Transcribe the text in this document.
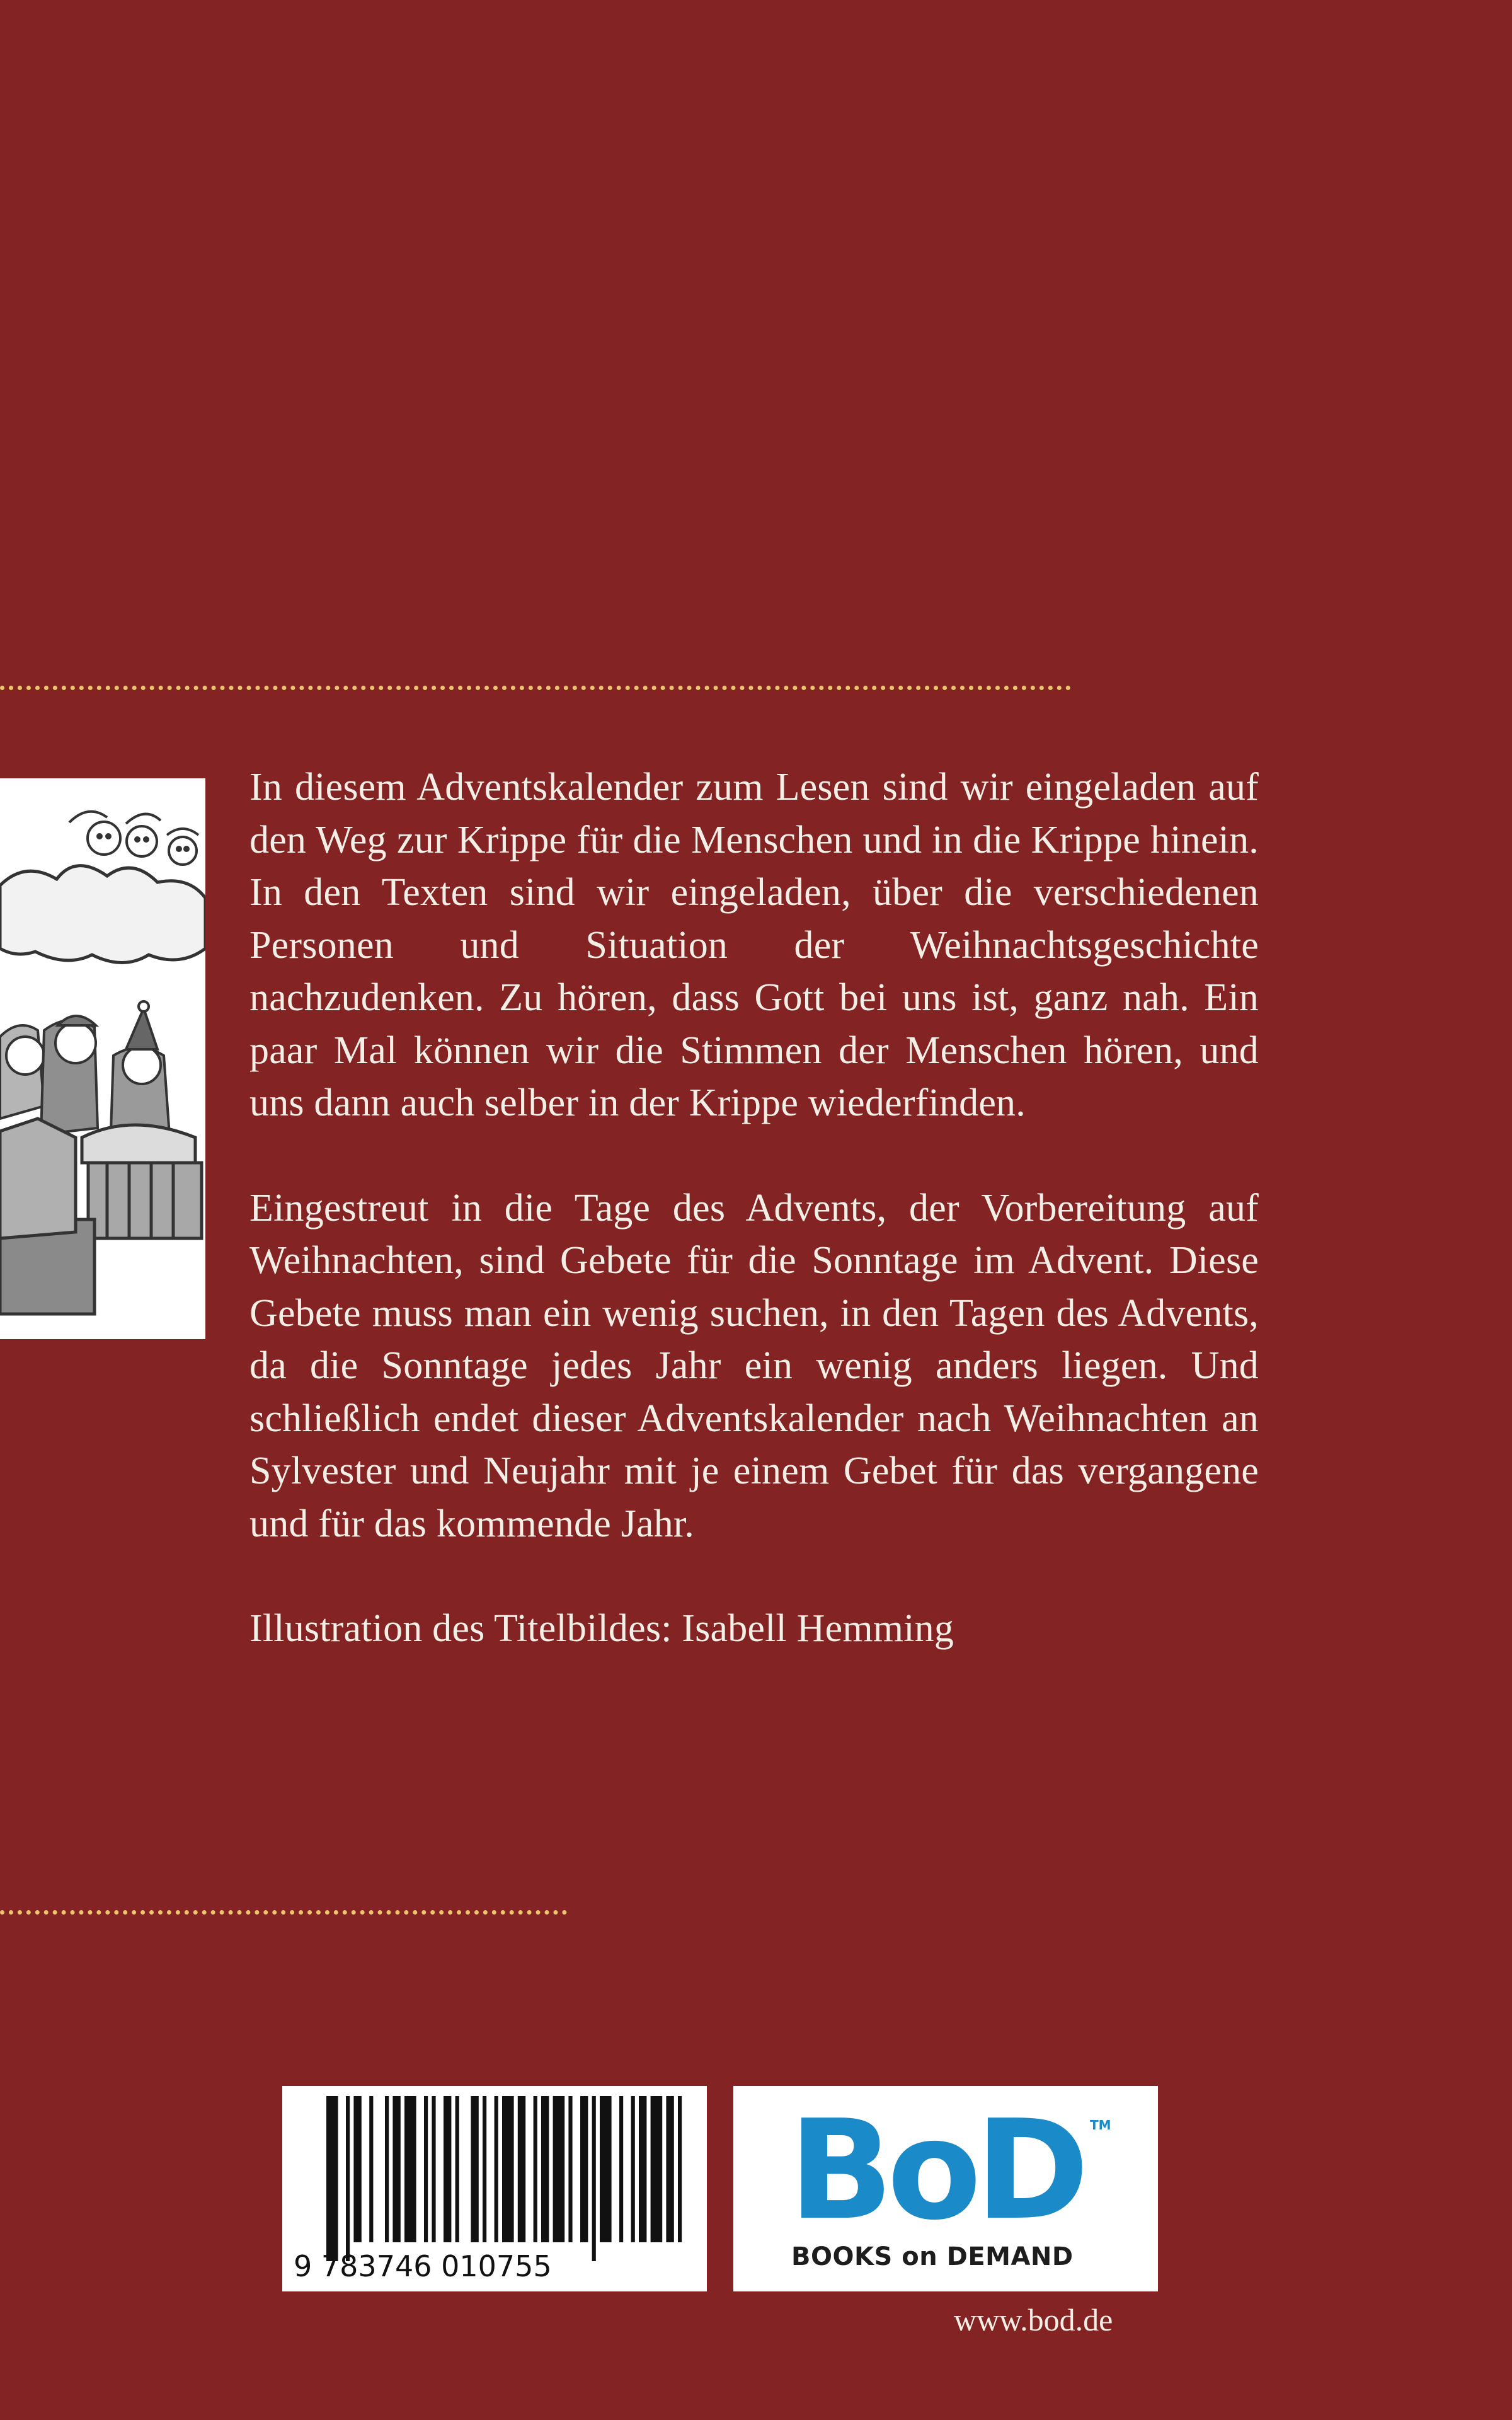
In diesem Adventskalender zum Lesen sind wir eingeladen auf den Weg zur Krippe für die Menschen und in die Krippe hinein. In den Texten sind wir eingeladen, über die verschiedenen Personen und Situation der Weihnachtsgeschichte nachzudenken. Zu hören, dass Gott bei uns ist, ganz nah. Ein paar Mal können wir die Stimmen der Menschen hören, und uns dann auch selber in der Krippe wiederfinden.

Eingestreut in die Tage des Advents, der Vorbereitung auf Weihnachten, sind Gebete für die Sonntage im Advent. Diese Gebete muss man ein wenig suchen, in den Tagen des Advents, da die Sonntage jedes Jahr ein wenig anders liegen. Und schließlich endet dieser Adventskalender nach Weihnachten an Sylvester und Neujahr mit je einem Gebet für das vergangene und für das kommende Jahr.

Illustration des Titelbildes: Isabell Hemming

9 783746 010755
BoD TM
BOOKS on DEMAND
www.bod.de
